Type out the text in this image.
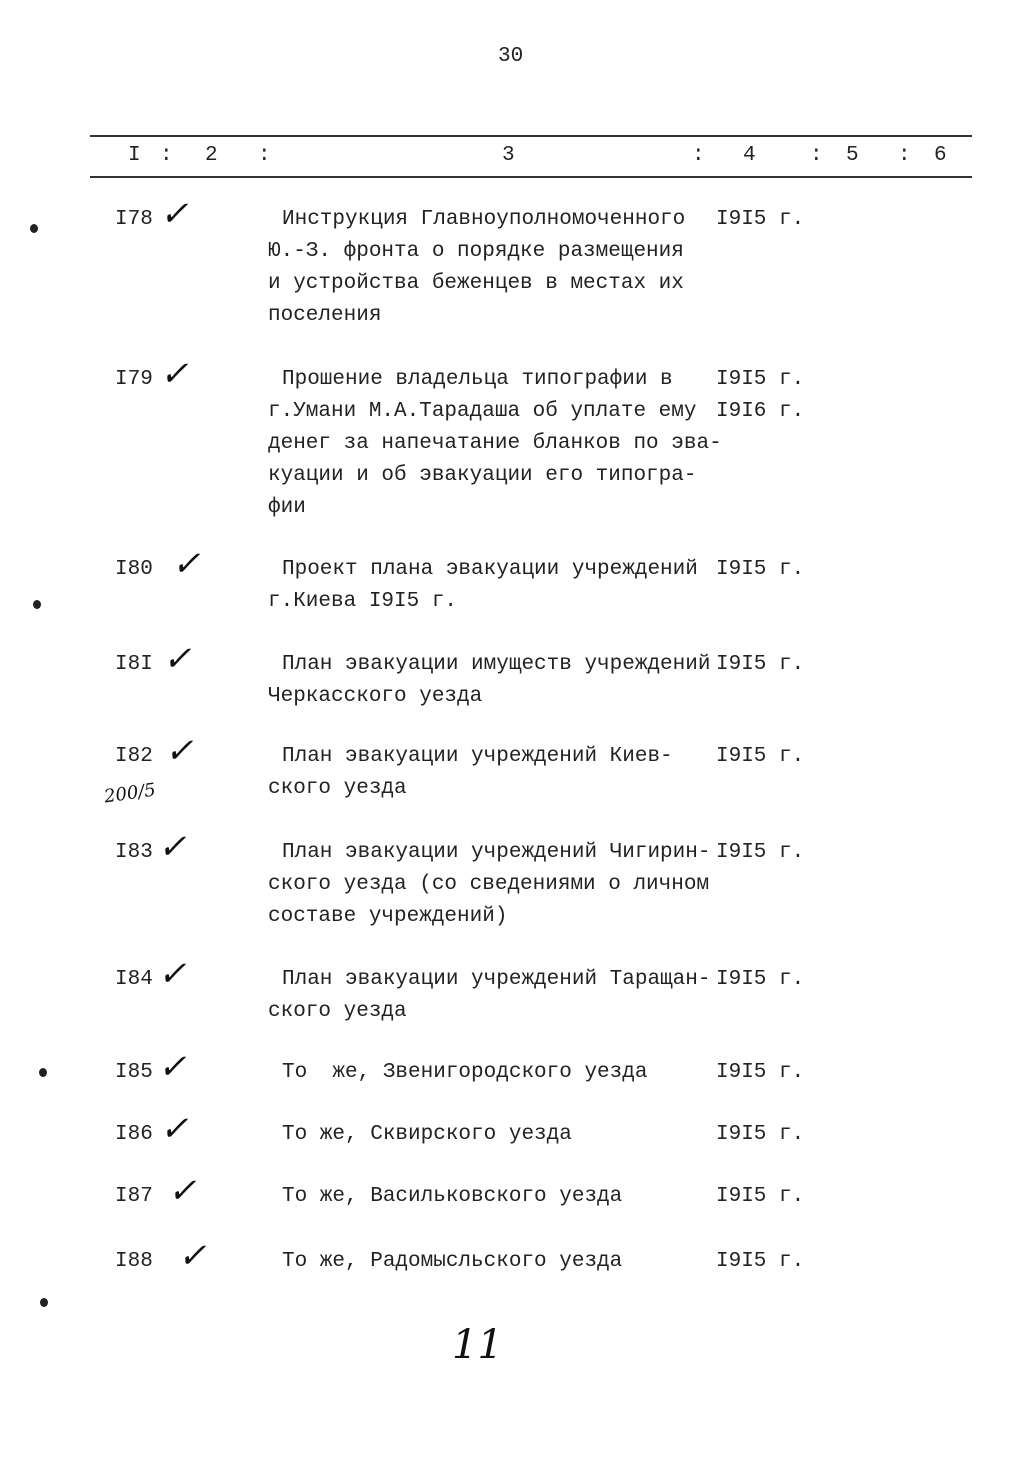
30
I : 2 :	3	: 4	: 5 : 6
I78 ✓	Инструкция Главноуполномоченного
Ю.-З. фронта о порядке размещения
и устройства беженцев в местах их
поселения
I9I5 г.
I79 ✓	Прошение владельца типографии в
г.Умани М.А.Тарадаша об уплате ему
денег за напечатание бланков по эва-
куации и об эвакуации его типогра-
фии
I9I5 г.
I9I6 г.
I80 ✓	Проект плана эвакуации учреждений
г.Киева I9I5 г.
I9I5 г.
I8I ✓	План эвакуации имуществ учреждений
Черкасского уезда
I9I5 г.
I82 ✓	План эвакуации учреждений Киев-
ского уезда
I9I5 г.
I83 ✓	План эвакуации учреждений Чигирин-
ского уезда (со сведениями о личном
составе учреждений)
I9I5 г.
I84 ✓	План эвакуации учреждений Таращан-
ского уезда
I9I5 г.
I85 ✓	То  же, Звенигородского уезда	I9I5 г.
I86 ✓	То же, Сквирского уезда	I9I5 г.
I87 ✓	То же, Васильковского уезда	I9I5 г.
I88 ✓	То же, Радомысльского уезда	I9I5 г.
200/5
11
